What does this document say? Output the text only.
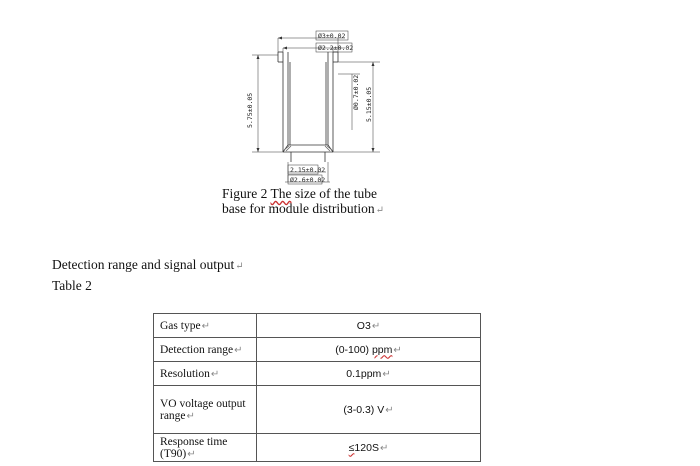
Ø3±0.02
Ø2.2±0.02
5.75±0.05
Ø0.7±0.02 5.15±0.05
2.15±0.02
Ø2.6±0.02
Figure 2 The size of the tube
base for module distribution↵
Detection range and signal output↵
Table 2
Gas type↵	O3↵
Detection range↵	(0-100) ppm↵
Resolution↵	0.1ppm↵
VO voltage output range↵	(3-0.3) V↵
Response time (T90)↵	≤120S↵
